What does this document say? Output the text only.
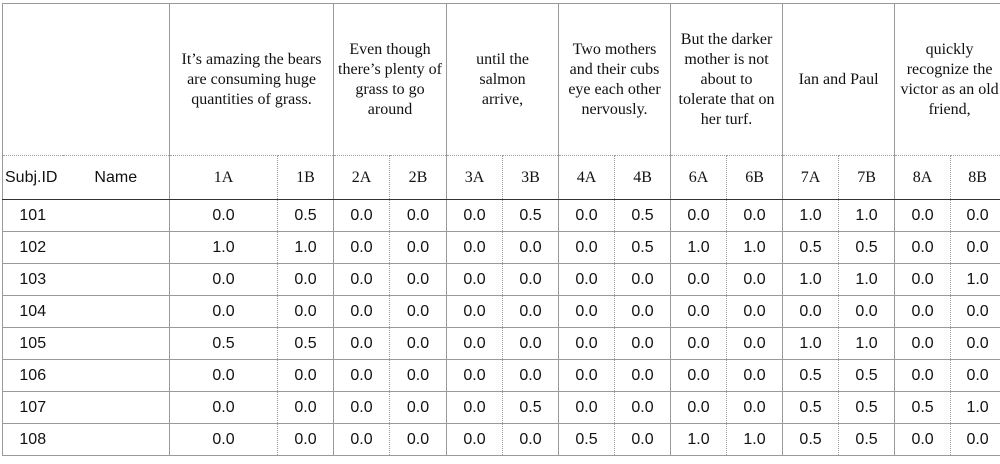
		It’s amazing the bears are consuming huge quantities of grass.		Even though there’s plenty of grass to go around		until the salmon arrive,		Two mothers and their cubs eye each other nervously.		But the darker mother is not about to tolerate that on her turf.		Ian and Paul		quickly recognize the victor as an old friend,	
Subj.ID	Name	1A	1B	2A	2B	3A	3B	4A	4B	6A	6B	7A	7B	8A	8B
101		0.0	0.5	0.0	0.0	0.0	0.5	0.0	0.5	0.0	0.0	1.0	1.0	0.0	0.0
102		1.0	1.0	0.0	0.0	0.0	0.0	0.0	0.5	1.0	1.0	0.5	0.5	0.0	0.0
103		0.0	0.0	0.0	0.0	0.0	0.0	0.0	0.0	0.0	0.0	1.0	1.0	0.0	1.0
104		0.0	0.0	0.0	0.0	0.0	0.0	0.0	0.0	0.0	0.0	0.0	0.0	0.0	0.0
105		0.5	0.5	0.0	0.0	0.0	0.0	0.0	0.0	0.0	0.0	1.0	1.0	0.0	0.0
106		0.0	0.0	0.0	0.0	0.0	0.0	0.0	0.0	0.0	0.0	0.5	0.5	0.0	0.0
107		0.0	0.0	0.0	0.0	0.0	0.5	0.0	0.0	0.0	0.0	0.5	0.5	0.5	1.0
108		0.0	0.0	0.0	0.0	0.0	0.0	0.5	0.0	1.0	1.0	0.5	0.5	0.0	0.0
